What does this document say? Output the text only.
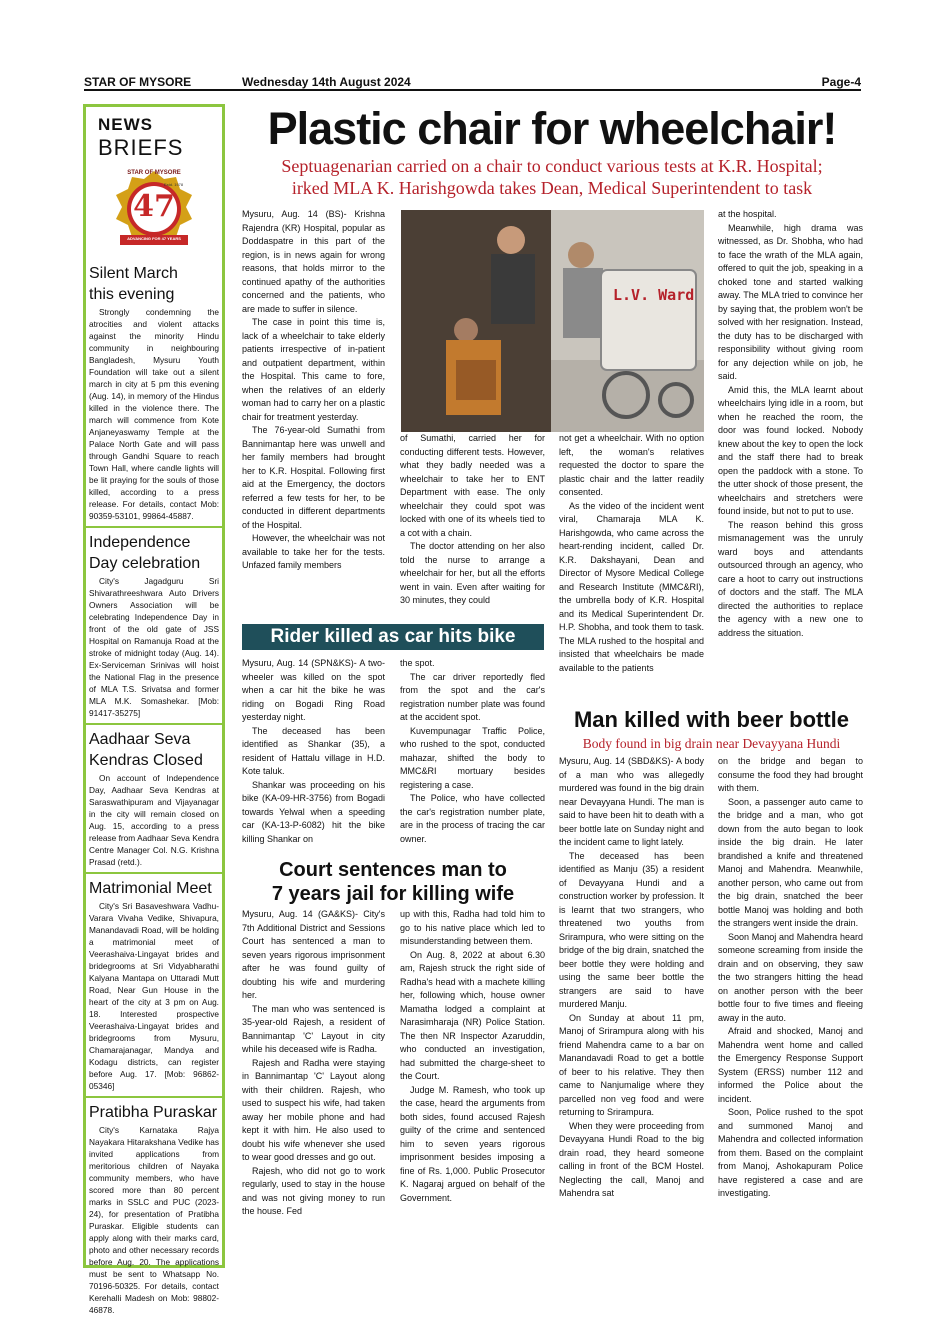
STAR OF MYSORE	Wednesday 14th August 2024	Page-4
NEWS
BRIEFS
STAR OF MYSORE
Estd. 1978
47
ADVANCING FOR 47 YEARS
Silent March this evening
Strongly condemning the atrocities and violent attacks against the minority Hindu community in neighbouring Bangladesh, Mysuru Youth Foundation will take out a silent march in city at 5 pm this evening (Aug. 14), in memory of the Hindus killed in the violence there. The march will commence from Kote Anjaneyaswamy Temple at the Palace North Gate and will pass through Gandhi Square to reach Town Hall, where candle lights will be lit praying for the souls of those killed, according to a press release. For details, contact Mob: 90359-53101, 99864-45887.
Independence Day celebration
City's Jagadguru Sri Shivarathreeshwara Auto Drivers Owners Association will be celebrating Independence Day in front of the old gate of JSS Hospital on Ramanuja Road at the stroke of midnight today (Aug. 14). Ex-Serviceman Srinivas will hoist the National Flag in the presence of MLA T.S. Srivatsa and former MLA M.K. Somashekar. [Mob: 91417-35275]
Aadhaar Seva Kendras Closed
On account of Independence Day, Aadhaar Seva Kendras at Saraswathipuram and Vijayanagar in the city will remain closed on Aug. 15, according to a press release from Aadhaar Seva Kendra Centre Manager Col. N.G. Krishna Prasad (retd.).
Matrimonial Meet
City's Sri Basaveshwara Vadhu-Varara Vivaha Vedike, Shivapura, Manandavadi Road, will be holding a matrimonial meet of Veerashaiva-Lingayat brides and bridegrooms at Sri Vidyabharathi Kalyana Mantapa on Uttaradi Mutt Road, Near Gun House in the heart of the city at 3 pm on Aug. 18. Interested prospective Veerashaiva-Lingayat brides and bridegrooms from Mysuru, Chamarajanagar, Mandya and Kodagu districts, can register before Aug. 17. [Mob: 96862-05346]
Pratibha Puraskar
City's Karnataka Rajya Nayakara Hitarakshana Vedike has invited applications from meritorious children of Nayaka community members, who have scored more than 80 percent marks in SSLC and PUC (2023-24), for presentation of Pratibha Puraskar. Eligible students can apply along with their marks card, photo and other necessary records before Aug. 20. The applications must be sent to Whatsapp No. 70196-50325. For details, contact Kerehalli Madesh on Mob: 98802-46878.
Plastic chair for wheelchair!
Septuagenarian carried on a chair to conduct various tests at K.R. Hospital;
irked MLA K. Harishgowda takes Dean, Medical Superintendent to task

Mysuru, Aug. 14 (BS)- Krishna Rajendra (KR) Hospital, popular as Doddaspatre in this part of the region, is in news again for wrong reasons, that holds mirror to the continued apathy of the authorities concerned and the patients, who are made to suffer in silence.

The case in point this time is, lack of a wheelchair to take elderly patients irrespective of in-patient and outpatient department, within the Hospital. This came to fore, when the relatives of an elderly woman had to carry her on a plastic chair for treatment yesterday.

The 76-year-old Sumathi from Bannimantap here was unwell and her family members had brought her to K.R. Hospital. Following first aid at the Emergency, the doctors referred a few tests for her, to be conducted in different departments of the Hospital.

However, the wheelchair was not available to take her for the tests. Unfazed family members

L.V. Ward

of Sumathi, carried her for conducting different tests. However, what they badly needed was a wheelchair to take her to ENT Department with ease. The only wheelchair they could spot was locked with one of its wheels tied to a cot with a chain.

The doctor attending on her also told the nurse to arrange a wheelchair for her, but all the efforts went in vain. Even after waiting for 30 minutes, they could

not get a wheelchair. With no option left, the woman's relatives requested the doctor to spare the plastic chair and the latter readily consented.

As the video of the incident went viral, Chamaraja MLA K. Harishgowda, who came across the heart-rending incident, called Dr. K.R. Dakshayani, Dean and Director of Mysore Medical College and Research Institute (MMC&RI), the umbrella body of K.R. Hospital and its Medical Superintendent Dr. H.P. Shobha, and took them to task. The MLA rushed to the hospital and insisted that wheelchairs be made available to the patients

at the hospital.

Meanwhile, high drama was witnessed, as Dr. Shobha, who had to face the wrath of the MLA again, offered to quit the job, speaking in a choked tone and started walking away. The MLA tried to convince her by saying that, the problem won't be solved with her resignation. Instead, the duty has to be discharged with responsibility without giving room for any dejection while on job, he said.

Amid this, the MLA learnt about wheelchairs lying idle in a room, but when he reached the room, the door was found locked. Nobody knew about the key to open the lock and the staff there had to break open the paddock with a stone. To the utter shock of those present, the wheelchairs and stretchers were found inside, but not to put to use.

The reason behind this gross mismanagement was the unruly ward boys and attendants outsourced through an agency, who care a hoot to carry out instructions of doctors and the staff. The MLA directed the authorities to replace the agency with a new one to address the situation.

Rider killed as car hits bike

Mysuru, Aug. 14 (SPN&KS)- A two-wheeler was killed on the spot when a car hit the bike he was riding on Bogadi Ring Road yesterday night.

The deceased has been identified as Shankar (35), a resident of Hattalu village in H.D. Kote taluk.

Shankar was proceeding on his bike (KA-09-HR-3756) from Bogadi towards Yelwal when a speeding car (KA-13-P-6082) hit the bike killing Shankar on

the spot.

The car driver reportedly fled from the spot and the car's registration number plate was found at the accident spot.

Kuvempunagar Traffic Police, who rushed to the spot, conducted mahazar, shifted the body to MMC&RI mortuary besides registering a case.

The Police, who have collected the car's registration number plate, are in the process of tracing the car owner.

Court sentences man to
7 years jail for killing wife

Mysuru, Aug. 14 (GA&KS)- City's 7th Additional District and Sessions Court has sentenced a man to seven years rigorous imprisonment after he was found guilty of doubting his wife and murdering her.

The man who was sentenced is 35-year-old Rajesh, a resident of Bannimantap 'C' Layout in city while his deceased wife is Radha.

Rajesh and Radha were staying in Bannimantap 'C' Layout along with their children. Rajesh, who used to suspect his wife, had taken away her mobile phone and had kept it with him. He also used to doubt his wife whenever she used to wear good dresses and go out.

Rajesh, who did not go to work regularly, used to stay in the house and was not giving money to run the house. Fed

up with this, Radha had told him to go to his native place which led to misunderstanding between them.

On Aug. 8, 2022 at about 6.30 am, Rajesh struck the right side of Radha's head with a machete killing her, following which, house owner Mamatha lodged a complaint at Narasimharaja (NR) Police Station. The then NR Inspector Azaruddin, who conducted an investigation, had submitted the charge-sheet to the Court.

Judge M. Ramesh, who took up the case, heard the arguments from both sides, found accused Rajesh guilty of the crime and sentenced him to seven years rigorous imprisonment besides imposing a fine of Rs. 1,000. Public Prosecutor K. Nagaraj argued on behalf of the Government.

Man killed with beer bottle
Body found in big drain near Devayyana Hundi

Mysuru, Aug. 14 (SBD&KS)- A body of a man who was allegedly murdered was found in the big drain near Devayyana Hundi. The man is said to have been hit to death with a beer bottle late on Sunday night and the incident came to light lately.

The deceased has been identified as Manju (35) a resident of Devayyana Hundi and a construction worker by profession. It is learnt that two strangers, who threatened two youths from Srirampura, who were sitting on the bridge of the big drain, snatched the beer bottle they were holding and using the same beer bottle the strangers are said to have murdered Manju.

On Sunday at about 11 pm, Manoj of Srirampura along with his friend Mahendra came to a bar on Manandavadi Road to get a bottle of beer to his relative. They then came to Nanjumalige where they parcelled non veg food and were returning to Srirampura.

When they were proceeding from Devayyana Hundi Road to the big drain road, they heard someone calling in front of the BCM Hostel. Neglecting the call, Manoj and Mahendra sat

on the bridge and began to consume the food they had brought with them.

Soon, a passenger auto came to the bridge and a man, who got down from the auto began to look inside the big drain. He later brandished a knife and threatened Manoj and Mahendra. Meanwhile, another person, who came out from the big drain, snatched the beer bottle Manoj was holding and both the strangers went inside the drain.

Soon Manoj and Mahendra heard someone screaming from inside the drain and on observing, they saw the two strangers hitting the head on another person with the beer bottle four to five times and fleeing away in the auto.

Afraid and shocked, Manoj and Mahendra went home and called the Emergency Response Support System (ERSS) number 112 and informed the Police about the incident.

Soon, Police rushed to the spot and summoned Manoj and Mahendra and collected information from them. Based on the complaint from Manoj, Ashokapuram Police have registered a case and are investigating.
